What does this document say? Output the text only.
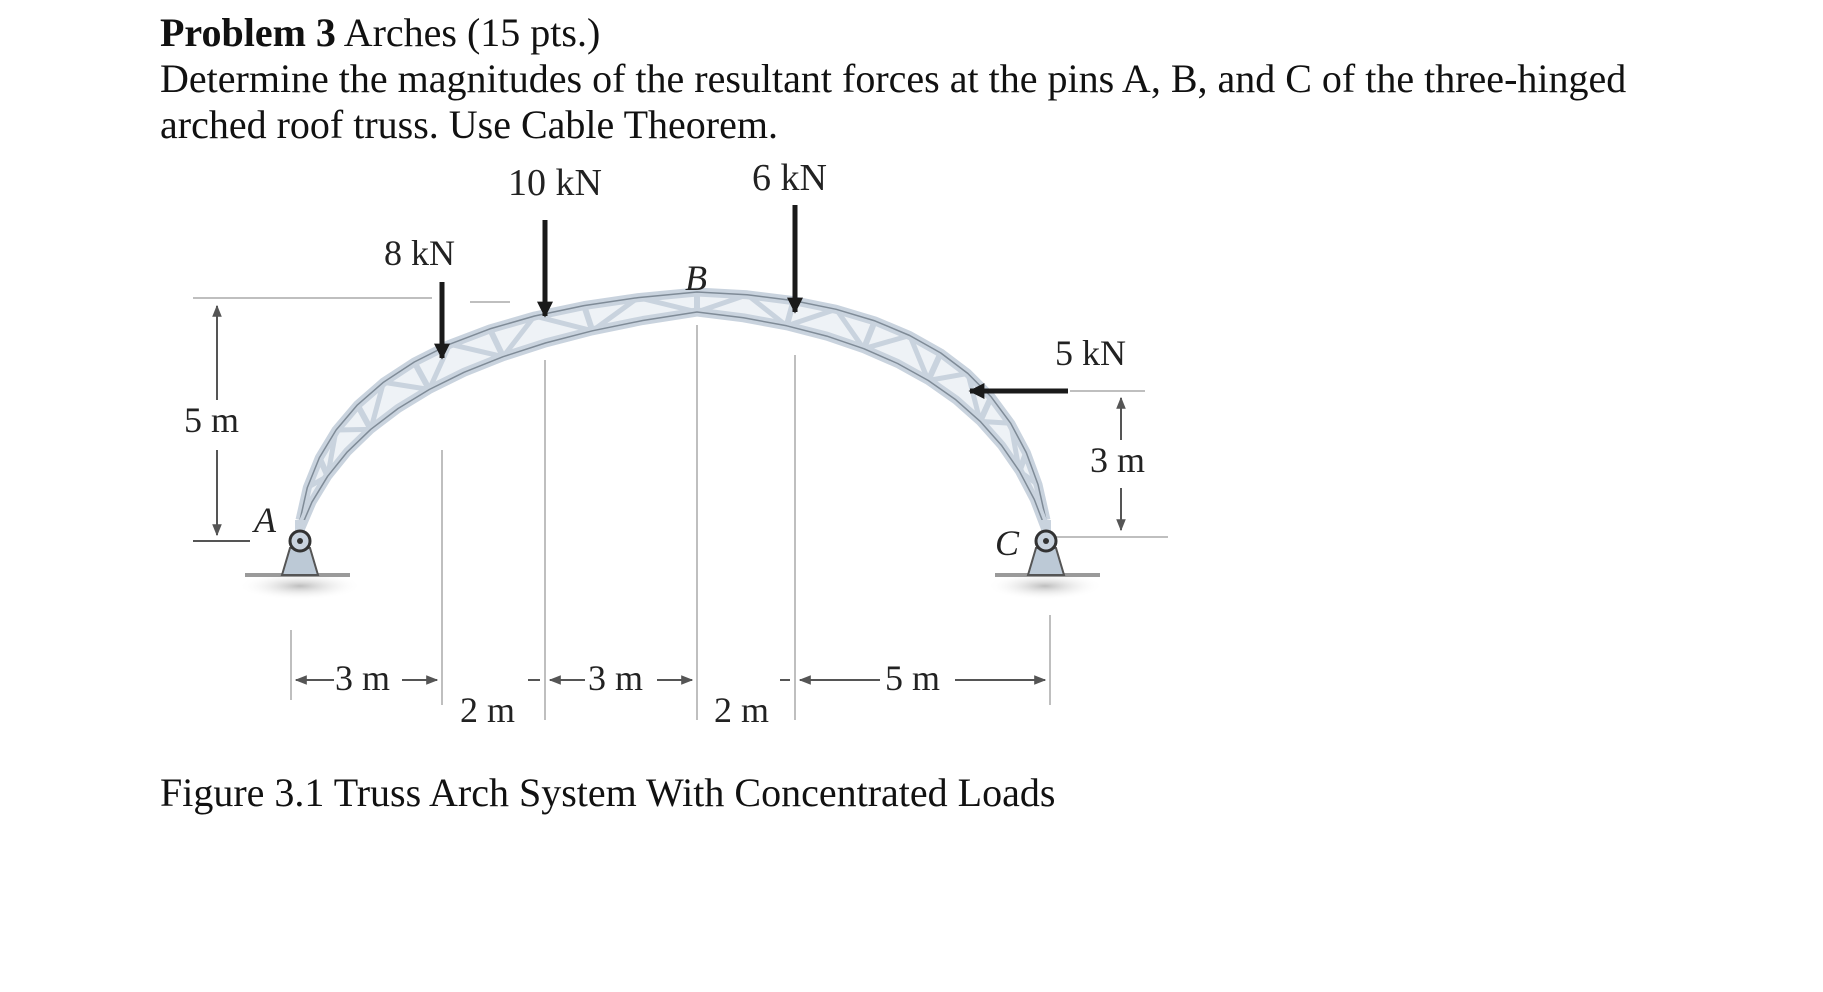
Problem 3 Arches (15 pts.)
Determine the magnitudes of the resultant forces at the pins A, B, and C of the three-hinged
arched roof truss. Use Cable Theorem.
10 kN	6 kN
8 kN
5 kN
B
A
C
5 m
3 m
3 m
2 m
3 m
2 m
5 m
Figure 3.1 Truss Arch System With Concentrated Loads
